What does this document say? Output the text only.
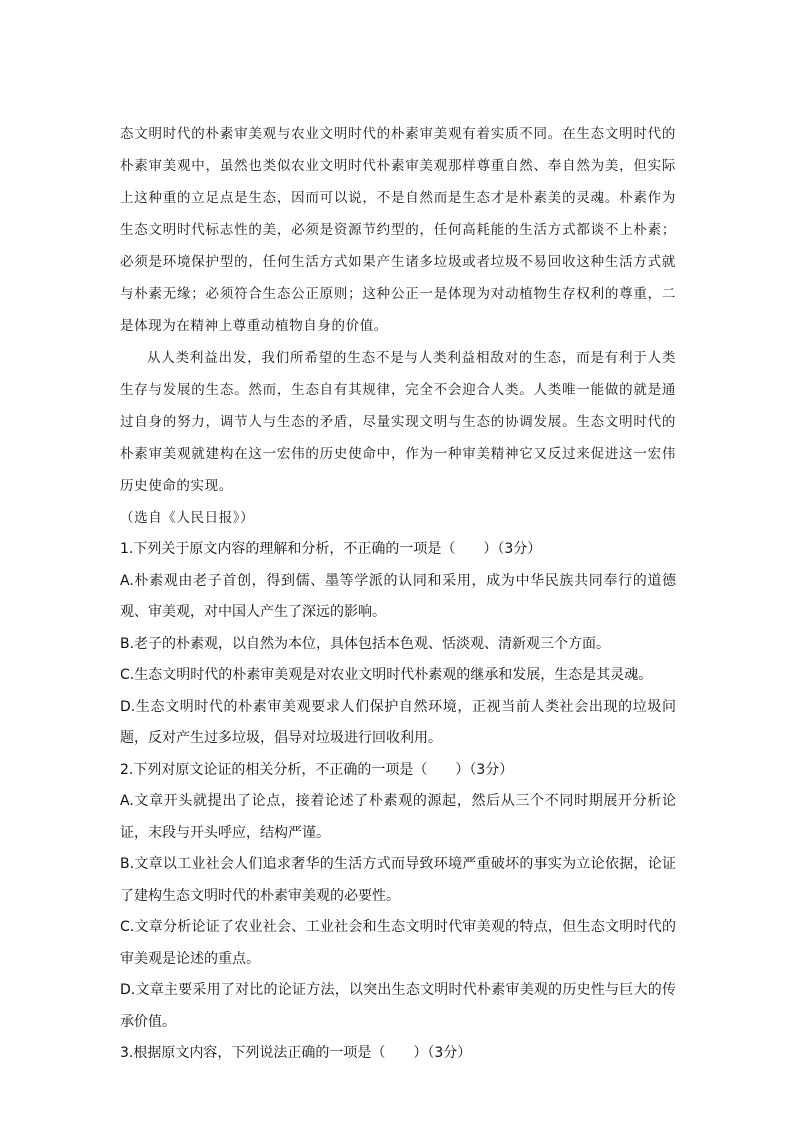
态文明时代的朴素审美观与农业文明时代的朴素审美观有着实质不同。在生态文明时代的朴素审美观中，虽然也类似农业文明时代朴素审美观那样尊重自然、奉自然为美，但实际上这种重的立足点是生态，因而可以说，不是自然而是生态才是朴素美的灵魂。朴素作为生态文明时代标志性的美，必须是资源节约型的，任何高耗能的生活方式都谈不上朴素；必须是环境保护型的，任何生活方式如果产生诸多垃圾或者垃圾不易回收这种生活方式就与朴素无缘；必须符合生态公正原则；这种公正一是体现为对动植物生存权利的尊重，二是体现为在精神上尊重动植物自身的价值。

从人类利益出发，我们所希望的生态不是与人类利益相敌对的生态，而是有利于人类生存与发展的生态。然而，生态自有其规律，完全不会迎合人类。人类唯一能做的就是通过自身的努力，调节人与生态的矛盾，尽量实现文明与生态的协调发展。生态文明时代的朴素审美观就建构在这一宏伟的历史使命中，作为一种审美精神它又反过来促进这一宏伟历史使命的实现。

（选自《人民日报》）

1.下列关于原文内容的理解和分析，不正确的一项是（　　）（3分）

A.朴素观由老子首创，得到儒、墨等学派的认同和采用，成为中华民族共同奉行的道德观、审美观，对中国人产生了深远的影响。

B.老子的朴素观，以自然为本位，具体包括本色观、恬淡观、清新观三个方面。

C.生态文明时代的朴素审美观是对农业文明时代朴素观的继承和发展，生态是其灵魂。

D.生态文明时代的朴素审美观要求人们保护自然环境，正视当前人类社会出现的垃圾问题，反对产生过多垃圾，倡导对垃圾进行回收利用。

2.下列对原文论证的相关分析，不正确的一项是（　　）（3分）

A.文章开头就提出了论点，接着论述了朴素观的源起，然后从三个不同时期展开分析论证，末段与开头呼应，结构严谨。

B.文章以工业社会人们追求奢华的生活方式而导致环境严重破坏的事实为立论依据，论证了建构生态文明时代的朴素审美观的必要性。

C.文章分析论证了农业社会、工业社会和生态文明时代审美观的特点，但生态文明时代的审美观是论述的重点。

D.文章主要采用了对比的论证方法，以突出生态文明时代朴素审美观的历史性与巨大的传承价值。

3.根据原文内容，下列说法正确的一项是（　　）（3分）
